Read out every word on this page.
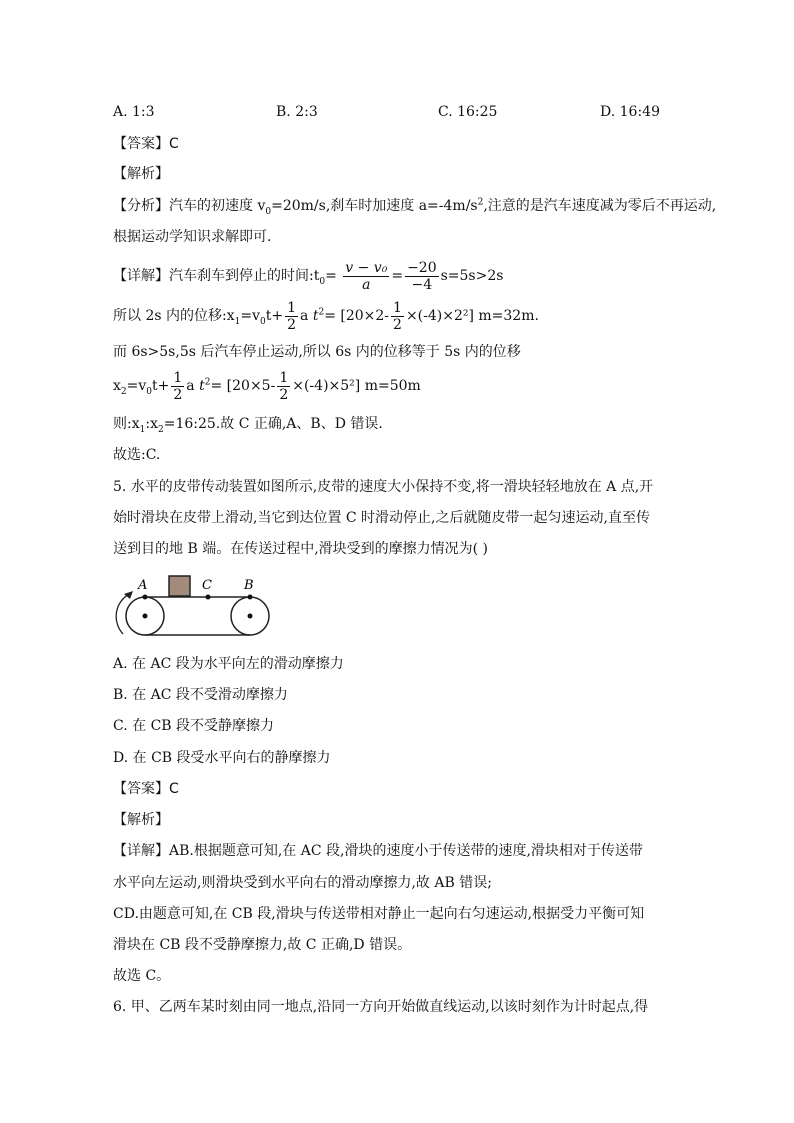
A. 1:3	B. 2:3	C. 16:25	D. 16:49
【答案】C
【解析】
【分析】汽车的初速度 $v_0=20m/s$,刹车时加速度 $a=-4m/s^2$,注意的是汽车速度减为零后不再运动,
根据运动学知识求解即可.
【详解】汽车刹车到停止的时间$:t_0= \frac{\text{v − v₀}}{a} = \frac{-20}{-4} s=5s>2s$
所以 2s 内的位移$:x_1=v_0t+ \frac{1}{2}$ a $t^2= [20\times 2- \frac{1}{2} \times(-4)\times 2^2]$ m=32m.
而 6s>5s,5s 后汽车停止运动,所以 6s 内的位移等于 5s 内的位移
$x_2=v_0t+ \frac{1}{2}$ a $t^2= [20\times 5- \frac{1}{2} \times(-4)\times 5^2]$ m=50m
则$:x_1:x_2=16:25$.故 C 正确,A、B、D 错误.
故选:C.
5. 水平的皮带传动装置如图所示,皮带的速度大小保持不变,将一滑块轻轻地放在 A 点,开
始时滑块在皮带上滑动,当它到达位置 C 时滑动停止,之后就随皮带一起匀速运动,直至传
送到目的地 B 端。在传送过程中,滑块受到的摩擦力情况为( )
A	C B
A. 在 AC 段为水平向左的滑动摩擦力
B. 在 AC 段不受滑动摩擦力
C. 在 CB 段不受静摩擦力
D. 在 CB 段受水平向右的静摩擦力
【答案】C
【解析】
【详解】AB.根据题意可知,在 AC 段,滑块的速度小于传送带的速度,滑块相对于传送带
水平向左运动,则滑块受到水平向右的滑动摩擦力,故 AB 错误;
CD.由题意可知,在 CB 段,滑块与传送带相对静止一起向右匀速运动,根据受力平衡可知
滑块在 CB 段不受静摩擦力,故 C 正确,D 错误。
故选 C。
6. 甲、乙两车某时刻由同一地点,沿同一方向开始做直线运动,以该时刻作为计时起点,得
